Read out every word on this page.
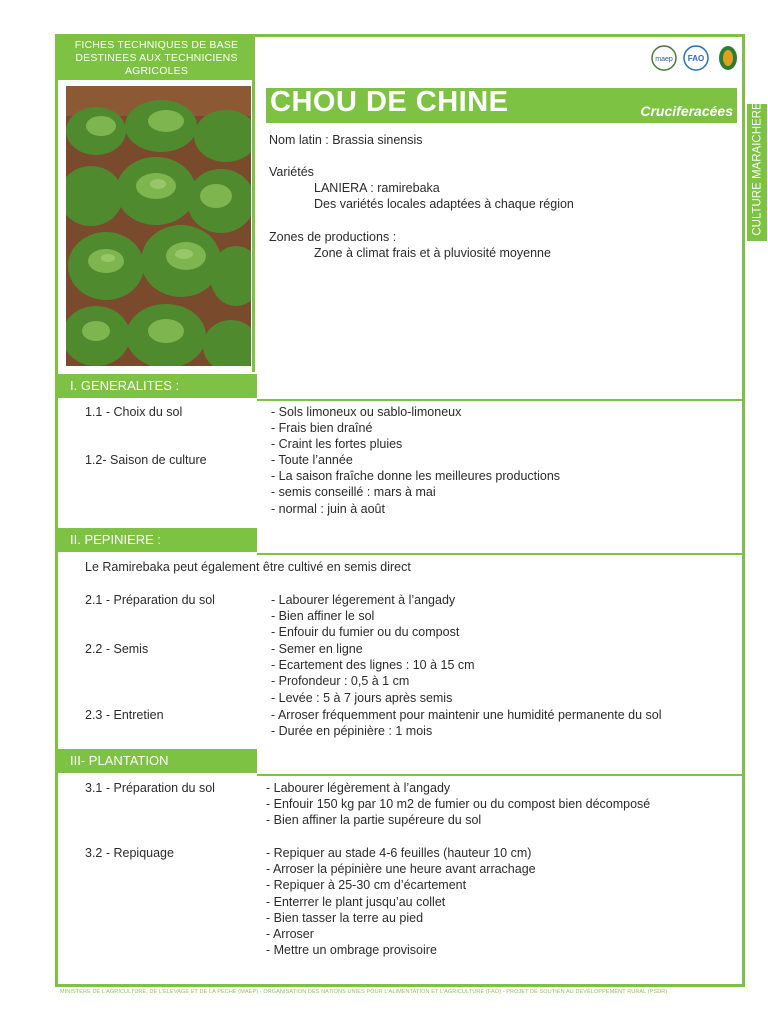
FICHES TECHNIQUES DE BASE
DESTINEES AUX TECHNICIENS
AGRICOLES
maep FAO
CHOU DE CHINE	Cruciferacées CULTURE MARAICHERE
Nom latin : Brassia sinensis
Variétés
LANIERA : ramirebaka
Des variétés locales adaptées à chaque région
Zones de productions :
Zone à climat frais et à pluviosité moyenne
I. GENERALITES :
1.1 - Choix du sol	- Sols limoneux ou sablo-limoneux
- Frais bien draîné
- Craint les fortes pluies
1.2- Saison de culture	- Toute l’année
- La saison fraîche donne les meilleures productions
- semis conseillé : mars à mai
- normal : juin à août
II. PEPINIERE :
Le Ramirebaka peut également être cultivé en semis direct
2.1 - Préparation du sol	- Labourer légerement à l’angady
- Bien affiner le sol
- Enfouir du fumier ou du compost
2.2 - Semis	- Semer en ligne
- Ecartement des lignes : 10 à 15 cm
- Profondeur : 0,5 à 1 cm
- Levée : 5 à 7 jours après semis
2.3 - Entretien	- Arroser fréquemment pour maintenir une humidité permanente du sol
- Durée en pépinière : 1 mois
III- PLANTATION
3.1 - Préparation du sol	- Labourer légèrement à l’angady
- Enfouir 150 kg par 10 m2 de fumier ou du compost bien décomposé
- Bien affiner la partie supéreure du sol
3.2 - Repiquage	- Repiquer au stade 4-6 feuilles (hauteur 10 cm)
- Arroser la pépinière une heure avant arrachage
- Repiquer à 25-30 cm d’écartement
- Enterrer le plant jusqu’au collet
- Bien tasser la terre au pied
- Arroser
- Mettre un ombrage provisoire
MINISTERE DE L’AGRICULTURE, DE L’ELEVAGE ET DE LA PECHE (MAEP) - ORGANISATION DES NATIONS UNIES POUR L’ALIMENTATION ET L’AGRICULTURE (FAO) - PROJET DE SOUTIEN AU DEVELOPPEMENT RURAL (PSDR)
